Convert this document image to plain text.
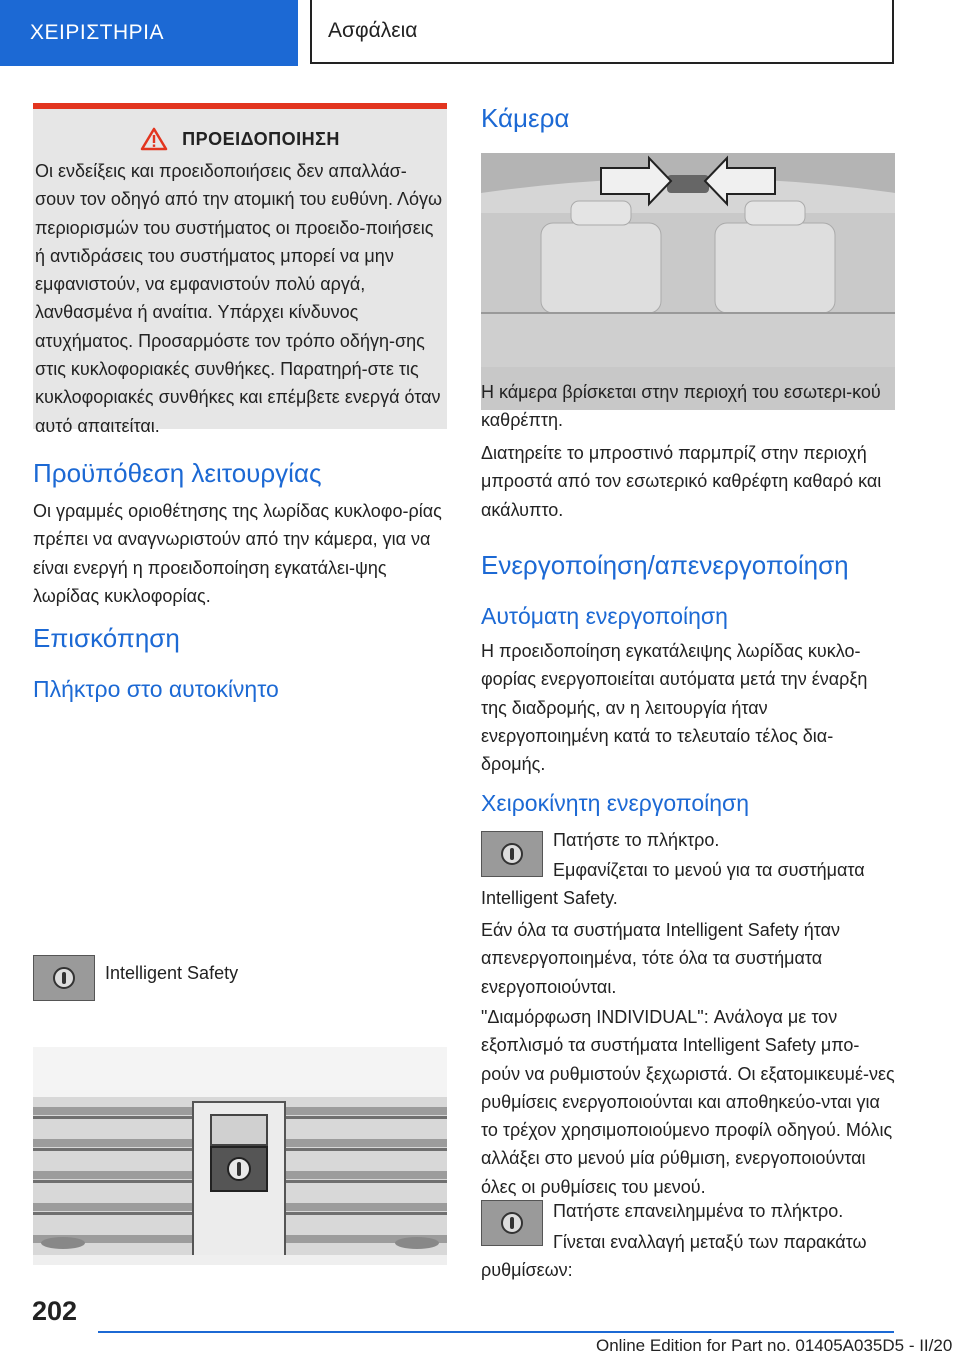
ΧΕΙΡΙΣΤΗΡΙΑ	Ασφάλεια
ΠΡΟΕΙΔΟΠΟΙΗΣΗ
Οι ενδείξεις και προειδοποιήσεις δεν απαλλάσ-σουν τον οδηγό από την ατομική του ευθύνη. Λόγω περιορισμών του συστήματος οι προειδο-ποιήσεις ή αντιδράσεις του συστήματος μπορεί να μην εμφανιστούν, να εμφανιστούν πολύ αργά, λανθασμένα ή αναίτια. Υπάρχει κίνδυνος ατυχήματος. Προσαρμόστε τον τρόπο οδήγη-σης στις κυκλοφοριακές συνθήκες. Παρατηρή-στε τις κυκλοφοριακές συνθήκες και επέμβετε ενεργά όταν αυτό απαιτείται.
Προϋπόθεση λειτουργίας

Οι γραμμές οριοθέτησης της λωρίδας κυκλοφο-ρίας πρέπει να αναγνωριστούν από την κάμερα, για να είναι ενεργή η προειδοποίηση εγκατάλει-ψης λωρίδας κυκλοφορίας.

Επισκόπηση
Πλήκτρο στο αυτοκίνητο

Intelligent Safety

Κάμερα

Η κάμερα βρίσκεται στην περιοχή του εσωτερι-κού καθρέπτη.

Διατηρείτε το μπροστινό παρμπρίζ στην περιοχή μπροστά από τον εσωτερικό καθρέφτη καθαρό και ακάλυπτο.

Ενεργοποίηση/απενεργοποίηση
Αυτόματη ενεργοποίηση

Η προειδοποίηση εγκατάλειψης λωρίδας κυκλο-φορίας ενεργοποιείται αυτόματα μετά την έναρξη της διαδρομής, αν η λειτουργία ήταν ενεργοποιημένη κατά το τελευταίο τέλος δια-δρομής.

Χειροκίνητη ενεργοποίηση

Πατήστε το πλήκτρο.

Εμφανίζεται το μενού για τα συστήματα Intelligent Safety.

Εάν όλα τα συστήματα Intelligent Safety ήταν απενεργοποιημένα, τότε όλα τα συστήματα ενεργοποιούνται.

"Διαμόρφωση INDIVIDUAL": Ανάλογα με τον εξοπλισμό τα συστήματα Intelligent Safety μπο-ρούν να ρυθμιστούν ξεχωριστά. Οι εξατομικευμέ-νες ρυθμίσεις ενεργοποιούνται και αποθηκεύο-νται για το τρέχον χρησιμοποιούμενο προφίλ οδηγού. Μόλις αλλάξει στο μενού μία ρύθμιση, ενεργοποιούνται όλες οι ρυθμίσεις του μενού.

Πατήστε επανειλημμένα το πλήκτρο.

Γίνεται εναλλαγή μεταξύ των παρακάτω ρυθμίσεων:

202
Online Edition for Part no. 01405A035D5 - II/20
